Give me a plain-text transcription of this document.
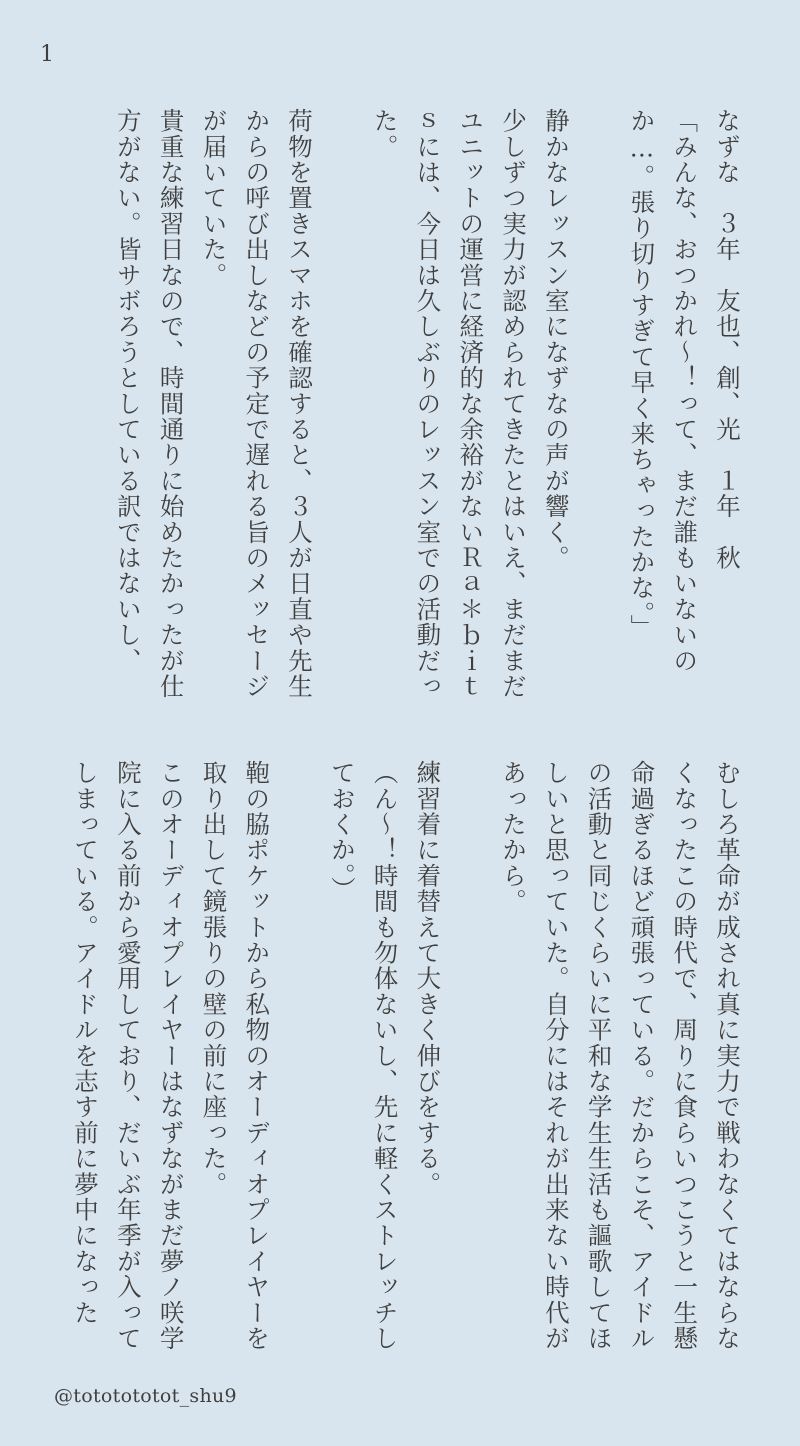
1

なずな　３年　友也、創、光　１年　秋

「みんな、おつかれ〜！って、まだ誰もいないのか…。張り切りすぎて早く来ちゃったかな。」

静かなレッスン室になずなの声が響く。

少しずつ実力が認められてきたとはいえ、まだまだユニットの運営に経済的な余裕がないＲａ＊ｂｉｔｓには、今日は久しぶりのレッスン室での活動だった。

荷物を置きスマホを確認すると、３人が日直や先生からの呼び出しなどの予定で遅れる旨のメッセージが届いていた。

貴重な練習日なので、時間通りに始めたかったが仕方がない。皆サボろうとしている訳ではないし、

むしろ革命が成され真に実力で戦わなくてはならなくなったこの時代で、周りに食らいつこうと一生懸命過ぎるほど頑張っている。だからこそ、アイドルの活動と同じくらいに平和な学生生活も謳歌してほしいと思っていた。自分にはそれが出来ない時代があったから。

練習着に着替えて大きく伸びをする。

（ん〜！時間も勿体ないし、先に軽くストレッチしておくか。）

鞄の脇ポケットから私物のオーディオプレイヤーを取り出して鏡張りの壁の前に座った。

このオーディオプレイヤーはなずながまだ夢ノ咲学院に入る前から愛用しており、だいぶ年季が入ってしまっている。アイドルを志す前に夢中になった

@tototototot_shu9
